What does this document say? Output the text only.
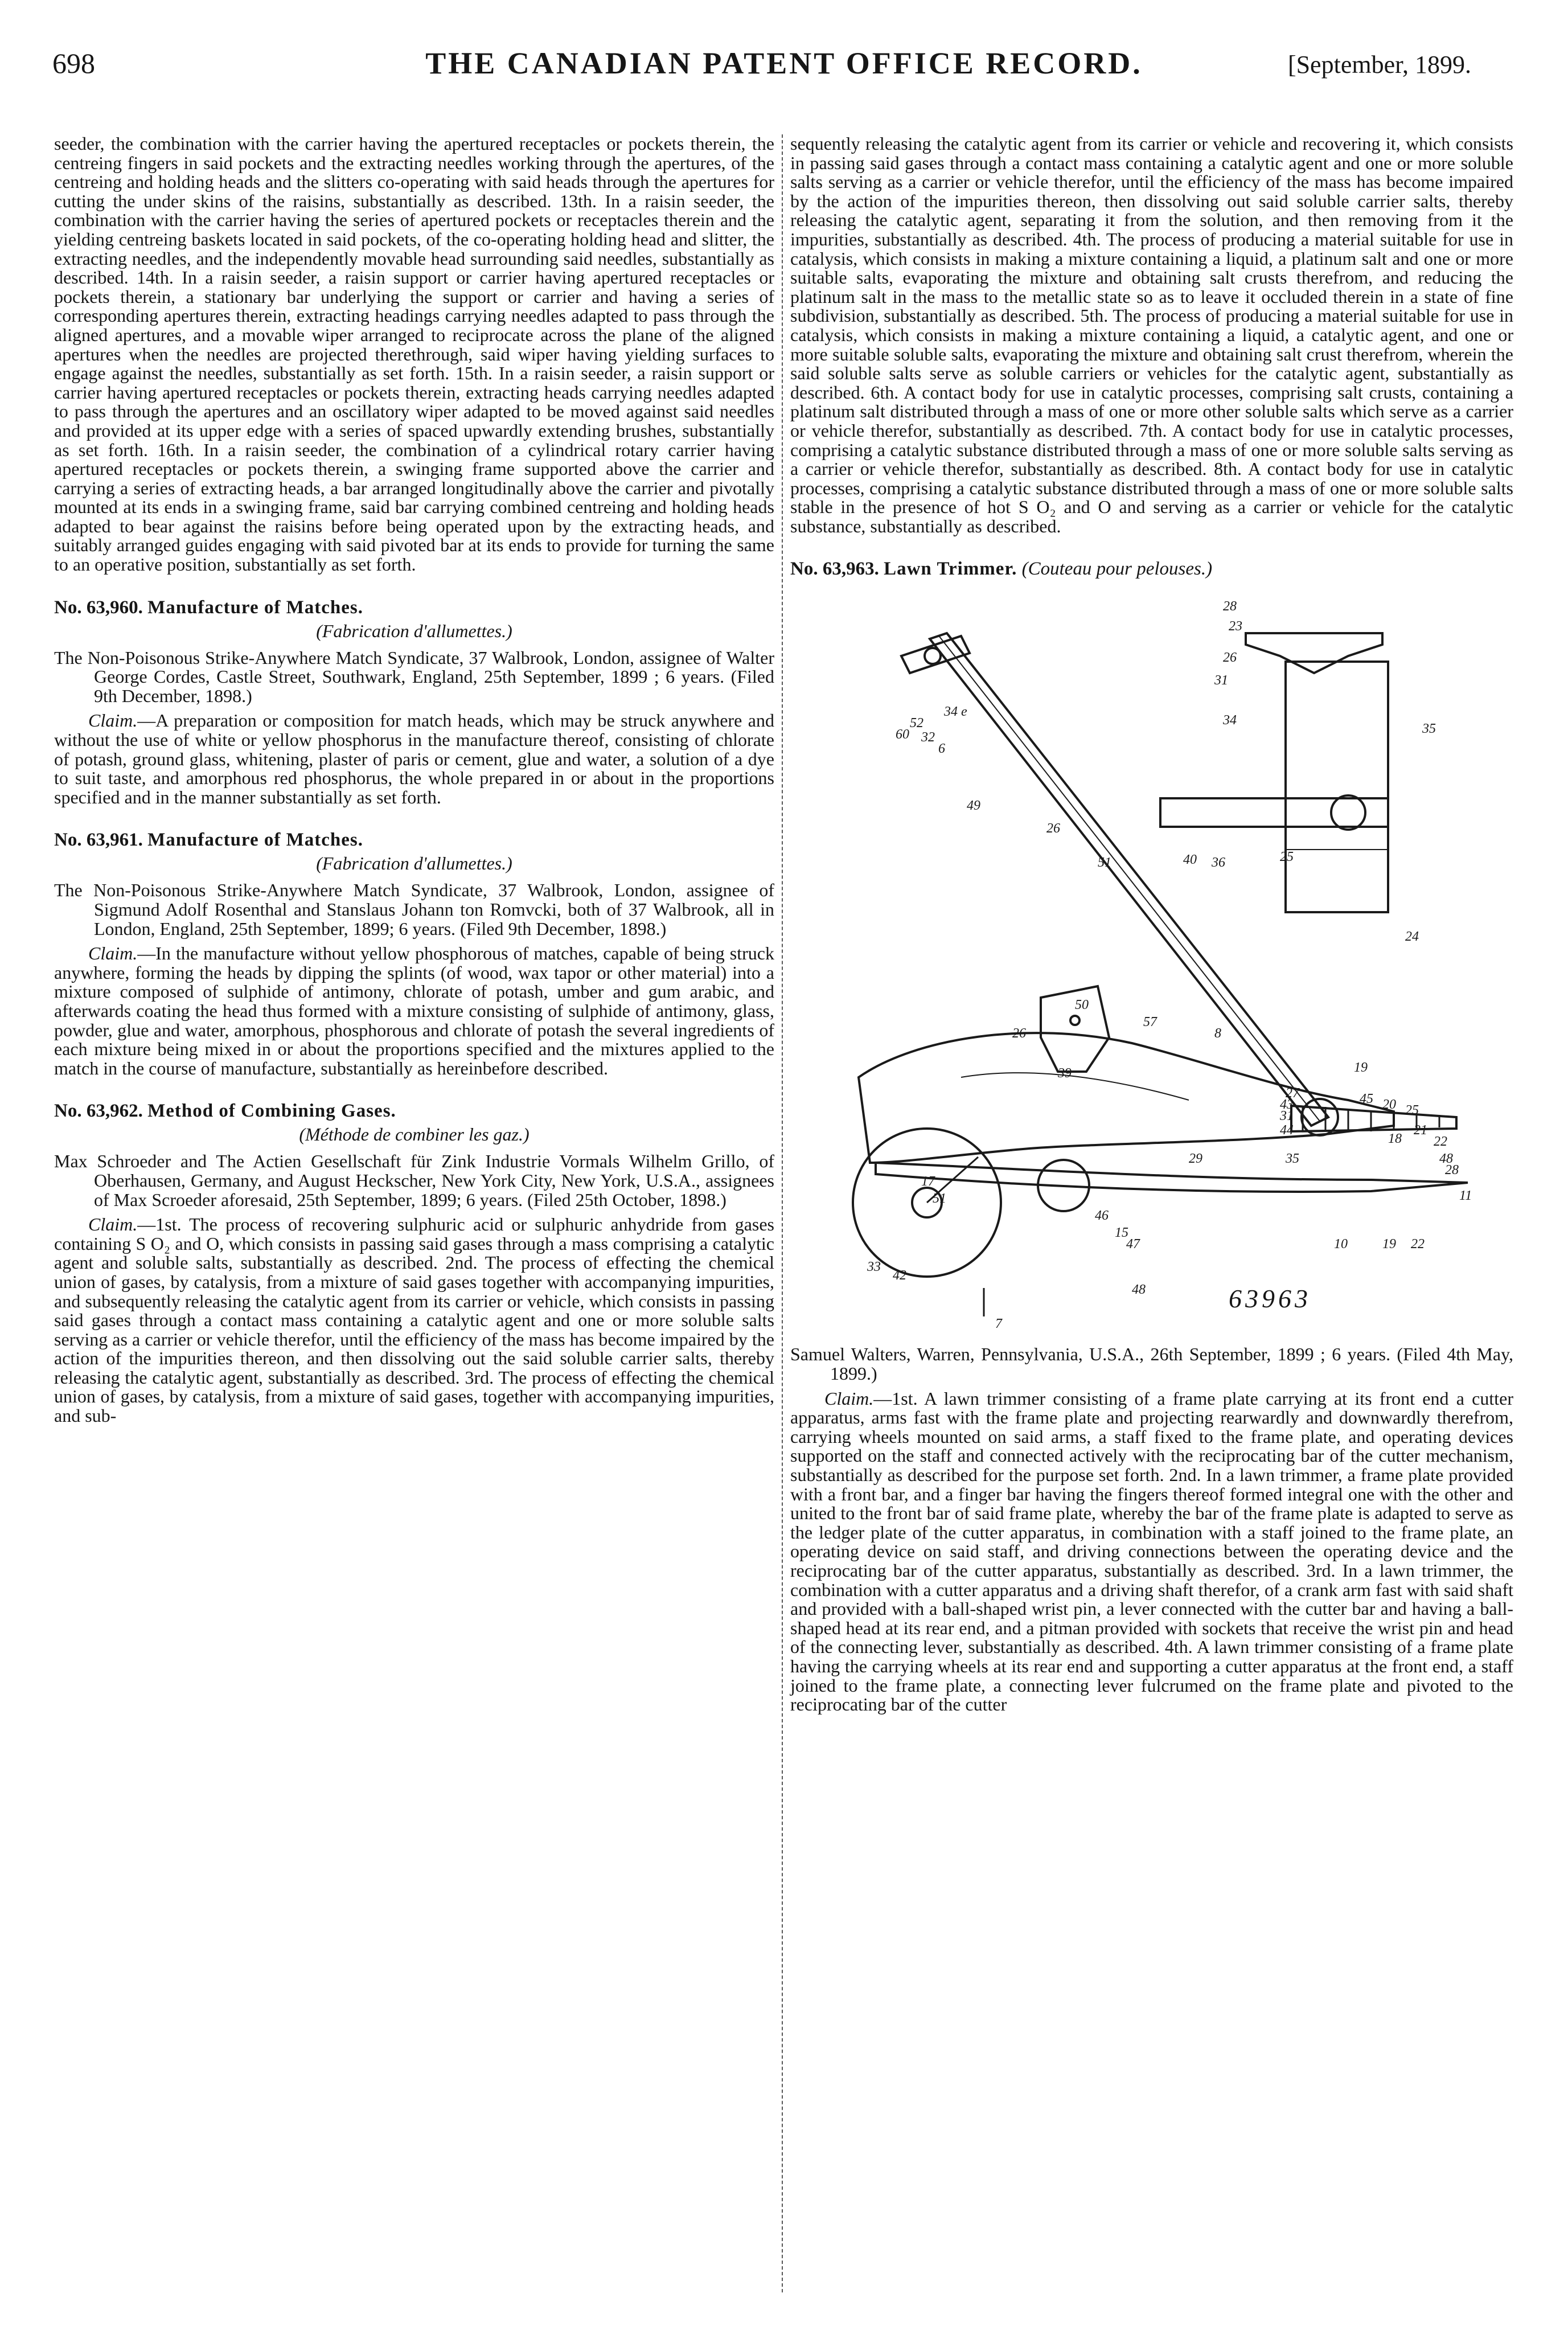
698	THE CANADIAN PATENT OFFICE RECORD.	[September, 1899.

seeder, the combination with the carrier having the apertured receptacles or pockets therein, the centreing fingers in said pockets and the extracting needles working through the apertures, of the centreing and holding heads and the slitters co-operating with said heads through the apertures for cutting the under skins of the raisins, substantially as described. 13th. In a raisin seeder, the combination with the carrier having the series of apertured pockets or receptacles therein and the yielding centreing baskets located in said pockets, of the co-operating holding head and slitter, the extracting needles, and the independently movable head surrounding said needles, substantially as described. 14th. In a raisin seeder, a raisin support or carrier having apertured receptacles or pockets therein, a stationary bar underlying the support or carrier and having a series of corresponding apertures therein, extracting headings carrying needles adapted to pass through the aligned apertures, and a movable wiper arranged to reciprocate across the plane of the aligned apertures when the needles are projected therethrough, said wiper having yielding surfaces to engage against the needles, substantially as set forth. 15th. In a raisin seeder, a raisin support or carrier having apertured receptacles or pockets therein, extracting heads carrying needles adapted to pass through the apertures and an oscillatory wiper adapted to be moved against said needles and provided at its upper edge with a series of spaced upwardly extending brushes, substantially as set forth. 16th. In a raisin seeder, the combination of a cylindrical rotary carrier having apertured receptacles or pockets therein, a swinging frame supported above the carrier and carrying a series of extracting heads, a bar arranged longitudinally above the carrier and pivotally mounted at its ends in a swinging frame, said bar carrying combined centreing and holding heads adapted to bear against the raisins before being operated upon by the extracting heads, and suitably arranged guides engaging with said pivoted bar at its ends to provide for turning the same to an operative position, substantially as set forth.

No. 63,960. Manufacture of Matches.
(Fabrication d'allumettes.)

The Non-Poisonous Strike-Anywhere Match Syndicate, 37 Walbrook, London, assignee of Walter George Cordes, Castle Street, Southwark, England, 25th September, 1899 ; 6 years. (Filed 9th December, 1898.)

Claim.—A preparation or composition for match heads, which may be struck anywhere and without the use of white or yellow phosphorus in the manufacture thereof, consisting of chlorate of potash, ground glass, whitening, plaster of paris or cement, glue and water, a solution of a dye to suit taste, and amorphous red phosphorus, the whole prepared in or about in the proportions specified and in the manner substantially as set forth.

No. 63,961. Manufacture of Matches.
(Fabrication d'allumettes.)

The Non-Poisonous Strike-Anywhere Match Syndicate, 37 Walbrook, London, assignee of Sigmund Adolf Rosenthal and Stanslaus Johann ton Romvcki, both of 37 Walbrook, all in London, England, 25th September, 1899; 6 years. (Filed 9th December, 1898.)

Claim.—In the manufacture without yellow phosphorous of matches, capable of being struck anywhere, forming the heads by dipping the splints (of wood, wax tapor or other material) into a mixture composed of sulphide of antimony, chlorate of potash, umber and gum arabic, and afterwards coating the head thus formed with a mixture consisting of sulphide of antimony, glass, powder, glue and water, amorphous, phosphorous and chlorate of potash the several ingredients of each mixture being mixed in or about the proportions specified and the mixtures applied to the match in the course of manufacture, substantially as hereinbefore described.

No. 63,962. Method of Combining Gases.
(Méthode de combiner les gaz.)

Max Schroeder and The Actien Gesellschaft für Zink Industrie Vormals Wilhelm Grillo, of Oberhausen, Germany, and August Heckscher, New York City, New York, U.S.A., assignees of Max Scroeder aforesaid, 25th September, 1899; 6 years. (Filed 25th October, 1898.)

Claim.—1st. The process of recovering sulphuric acid or sulphuric anhydride from gases containing S O₂ and O, which consists in passing said gases through a mass comprising a catalytic agent and soluble salts, substantially as described. 2nd. The process of effecting the chemical union of gases, by catalysis, from a mixture of said gases together with accompanying impurities, and subsequently releasing the catalytic agent from its carrier or vehicle, which consists in passing said gases through a contact mass containing a catalytic agent and one or more soluble salts serving as a carrier or vehicle therefor, until the efficiency of the mass has become impaired by the action of the impurities thereon, and then dissolving out the said soluble carrier salts, thereby releasing the catalytic agent, substantially as described. 3rd. The process of effecting the chemical union of gases, by catalysis, from a mixture of said gases, together with accompanying impurities, and sub-

sequently releasing the catalytic agent from its carrier or vehicle and recovering it, which consists in passing said gases through a contact mass containing a catalytic agent and one or more soluble salts serving as a carrier or vehicle therefor, until the efficiency of the mass has become impaired by the action of the impurities thereon, then dissolving out said soluble carrier salts, thereby releasing the catalytic agent, separating it from the solution, and then removing from it the impurities, substantially as described. 4th. The process of producing a material suitable for use in catalysis, which consists in making a mixture containing a liquid, a platinum salt and one or more suitable salts, evaporating the mixture and obtaining salt crusts therefrom, and reducing the platinum salt in the mass to the metallic state so as to leave it occluded therein in a state of fine subdivision, substantially as described. 5th. The process of producing a material suitable for use in catalysis, which consists in making a mixture containing a liquid, a catalytic agent, and one or more suitable soluble salts, evaporating the mixture and obtaining salt crust therefrom, wherein the said soluble salts serve as soluble carriers or vehicles for the catalytic agent, substantially as described. 6th. A contact body for use in catalytic processes, comprising salt crusts, containing a platinum salt distributed through a mass of one or more other soluble salts which serve as a carrier or vehicle therefor, substantially as described. 7th. A contact body for use in catalytic processes, comprising a catalytic substance distributed through a mass of one or more soluble salts serving as a carrier or vehicle therefor, substantially as described. 8th. A contact body for use in catalytic processes, comprising a catalytic substance distributed through a mass of one or more soluble salts stable in the presence of hot S O₂ and O and serving as a carrier or vehicle for the catalytic substance, substantially as described.

No. 63,963. Lawn Trimmer. (Couteau pour pelouses.)
28
23
26
31
34
35
34 e
52
60
6
32
49
26
51	40 36	25
24
50
57
39
26	8
19
27
43
31
44
45 20 25
18
21
22
29	48
28
35
11
17
51
46
15
47	10	19 22
33
42
48
7
63963

Samuel Walters, Warren, Pennsylvania, U.S.A., 26th September, 1899 ; 6 years. (Filed 4th May, 1899.)

Claim.—1st. A lawn trimmer consisting of a frame plate carrying at its front end a cutter apparatus, arms fast with the frame plate and projecting rearwardly and downwardly therefrom, carrying wheels mounted on said arms, a staff fixed to the frame plate, and operating devices supported on the staff and connected actively with the reciprocating bar of the cutter mechanism, substantially as described for the purpose set forth. 2nd. In a lawn trimmer, a frame plate provided with a front bar, and a finger bar having the fingers thereof formed integral one with the other and united to the front bar of said frame plate, whereby the bar of the frame plate is adapted to serve as the ledger plate of the cutter apparatus, in combination with a staff joined to the frame plate, an operating device on said staff, and driving connections between the operating device and the reciprocating bar of the cutter apparatus, substantially as described. 3rd. In a lawn trimmer, the combination with a cutter apparatus and a driving shaft therefor, of a crank arm fast with said shaft and provided with a ball-shaped wrist pin, a lever connected with the cutter bar and having a ball-shaped head at its rear end, and a pitman provided with sockets that receive the wrist pin and head of the connecting lever, substantially as described. 4th. A lawn trimmer consisting of a frame plate having the carrying wheels at its rear end and supporting a cutter apparatus at the front end, a staff joined to the frame plate, a connecting lever fulcrumed on the frame plate and pivoted to the reciprocating bar of the cutter
